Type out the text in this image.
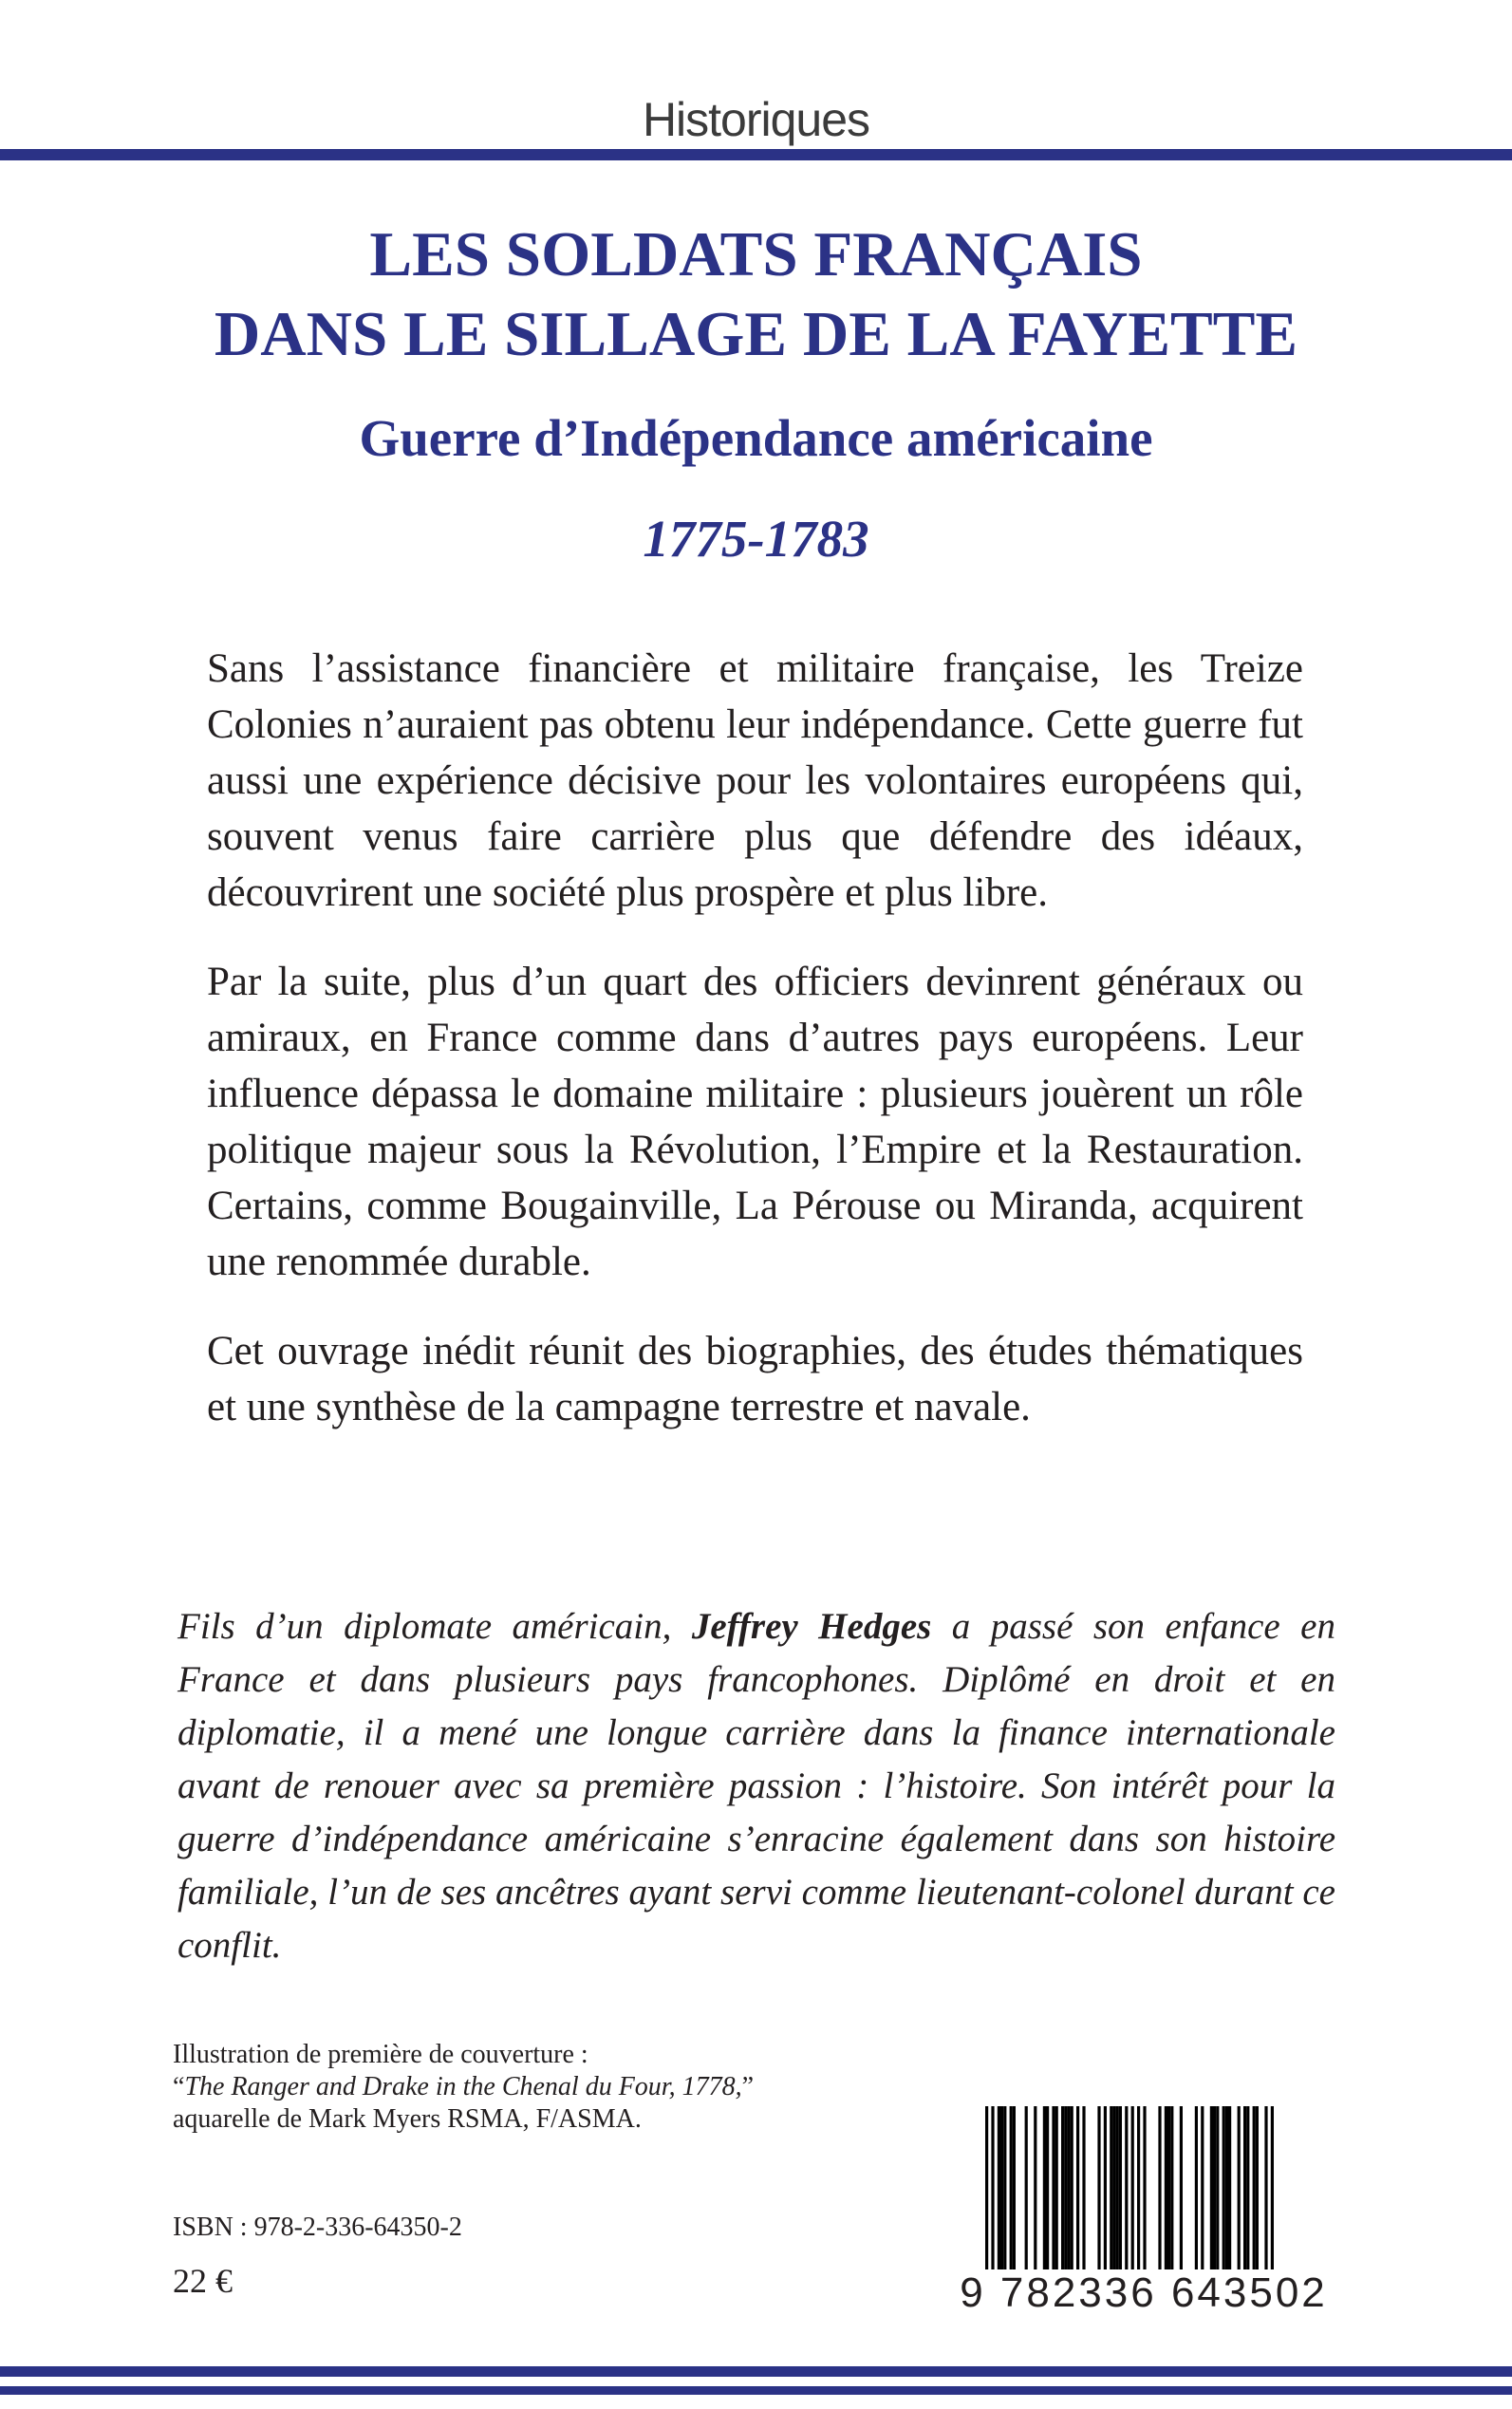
Historiques
LES SOLDATS FRANÇAIS
DANS LE SILLAGE DE LA FAYETTE
Guerre d’Indépendance américaine
1775-1783

Sans l’assistance financière et militaire française, les Treize Colonies n’auraient pas obtenu leur indépendance. Cette guerre fut aussi une expérience décisive pour les volontaires européens qui, souvent venus faire carrière plus que défendre des idéaux, découvrirent une société plus prospère et plus libre.

Par la suite, plus d’un quart des officiers devinrent généraux ou amiraux, en France comme dans d’autres pays européens. Leur influence dépassa le domaine militaire : plusieurs jouèrent un rôle politique majeur sous la Révolution, l’Empire et la Restauration. Certains, comme Bougainville, La Pérouse ou Miranda, acquirent une renommée durable.

Cet ouvrage inédit réunit des biographies, des études thématiques et une synthèse de la campagne terrestre et navale.

Fils d’un diplomate américain, Jeffrey Hedges a passé son enfance en France et dans plusieurs pays francophones. Diplômé en droit et en diplomatie, il a mené une longue carrière dans la finance internationale avant de renouer avec sa première passion : l’histoire. Son intérêt pour la guerre d’indépendance américaine s’enracine également dans son histoire familiale, l’un de ses ancêtres ayant servi comme lieutenant-colonel durant ce conflit.
Illustration de première de couverture :
“The Ranger and Drake in the Chenal du Four, 1778,”
aquarelle de Mark Myers RSMA, F/ASMA.
ISBN : 978-2-336-64350-2
22 €	9 782336 643502
